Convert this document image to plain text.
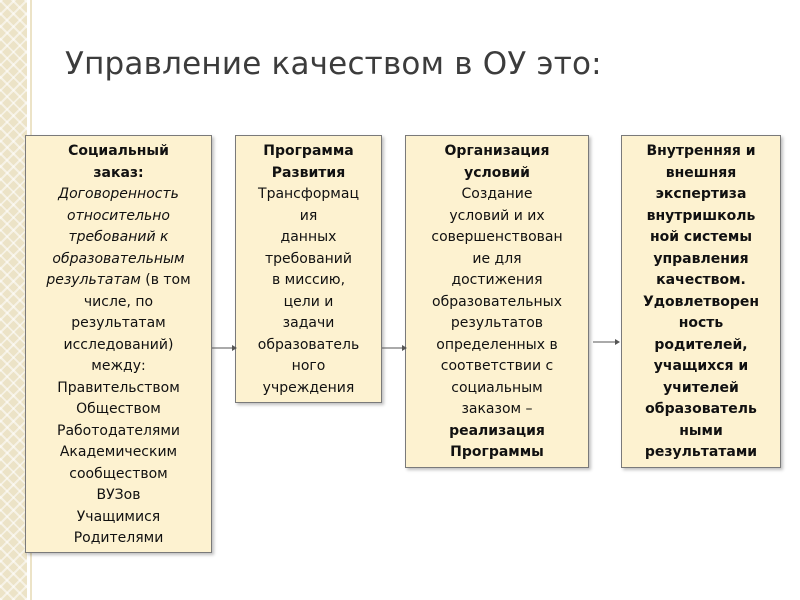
Управление качеством в ОУ это:
Социальный
заказ:
Договоренность
относительно
требований к
образовательным
результатам (в том
числе, по
результатам
исследований)
между:
Правительством
Обществом
Работодателями
Академическим
сообществом
ВУЗов
Учащимися
Родителями
Программа
Развития
Трансформац
ия
данных
требований
в миссию,
цели и
задачи
образователь
ного
учреждения
Организация
условий
Создание
условий и их
совершенствован
ие для
достижения
образовательных
результатов
определенных в
соответствии с
социальным
заказом –
реализация
Программы
Внутренняя и
внешняя
экспертиза
внутришколь
ной системы
управления
качеством.
Удовлетворен
ность
родителей,
учащихся и
учителей
образователь
ными
результатами
